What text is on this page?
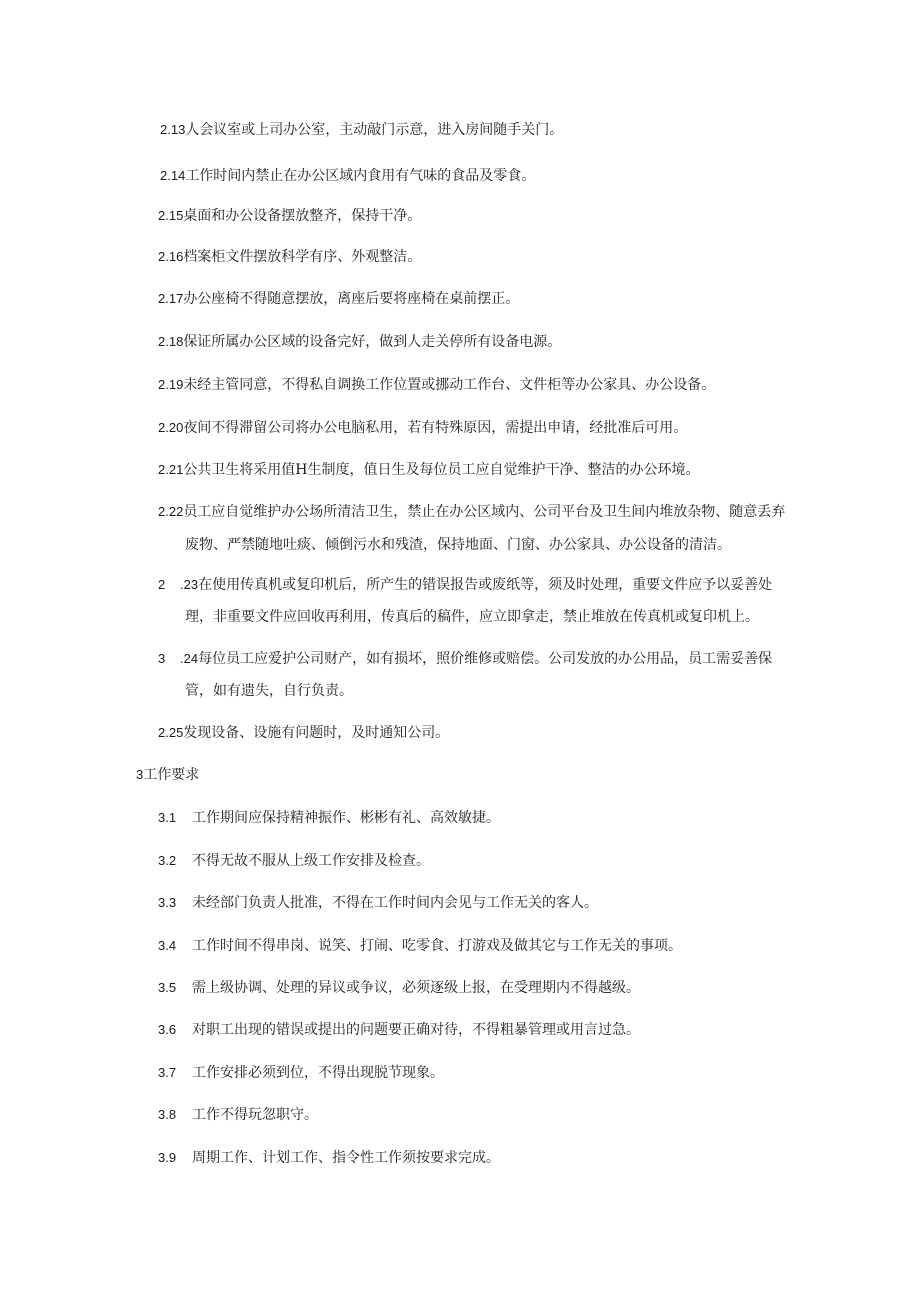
2.13人会议室或上司办公室，主动敲门示意，进入房间随手关门。
2.14工作时间内禁止在办公区域内食用有气味的食品及零食。
2.15桌面和办公设备摆放整齐，保持干净。
2.16档案柜文件摆放科学有序、外观整洁。
2.17办公座椅不得随意摆放，离座后要将座椅在桌前摆正。
2.18保证所属办公区域的设备完好，做到人走关停所有设备电源。
2.19未经主管同意，不得私自调换工作位置或挪动工作台、文件柜等办公家具、办公设备。
2.20夜间不得滞留公司将办公电脑私用，若有特殊原因，需提出申请，经批准后可用。
2.21公共卫生将采用值H生制度，值日生及每位员工应自觉维护干净、整洁的办公环境。
2.22员工应自觉维护办公场所清洁卫生，禁止在办公区域内、公司平台及卫生间内堆放杂物、随意丢弃
废物、严禁随地吐痰、倾倒污水和残渣，保持地面、门窗、办公家具、办公设备的清洁。
2 .23在使用传真机或复印机后，所产生的错误报告或废纸等，须及时处理，重要文件应予以妥善处
理，非重要文件应回收再利用，传真后的稿件，应立即拿走，禁止堆放在传真机或复印机上。
3 .24每位员工应爱护公司财产，如有损坏，照价维修或赔偿。公司发放的办公用品，员工需妥善保
管，如有遗失，自行负责。
2.25发现设备、设施有问题时，及时通知公司。
3工作要求
3.1 工作期间应保持精神振作、彬彬有礼、高效敏捷。
3.2 不得无故不服从上级工作安排及检查。
3.3 未经部门负责人批准，不得在工作时间内会见与工作无关的客人。
3.4 工作时间不得串岗、说笑、打闹、吃零食、打游戏及做其它与工作无关的事项。
3.5 需上级协调、处理的异议或争议，必须逐级上报，在受理期内不得越级。
3.6 对职工出现的错误或提出的问题要正确对待，不得粗暴管理或用言过急。
3.7 工作安排必须到位，不得出现脱节现象。
3.8 工作不得玩忽职守。
3.9 周期工作、计划工作、指令性工作须按要求完成。
